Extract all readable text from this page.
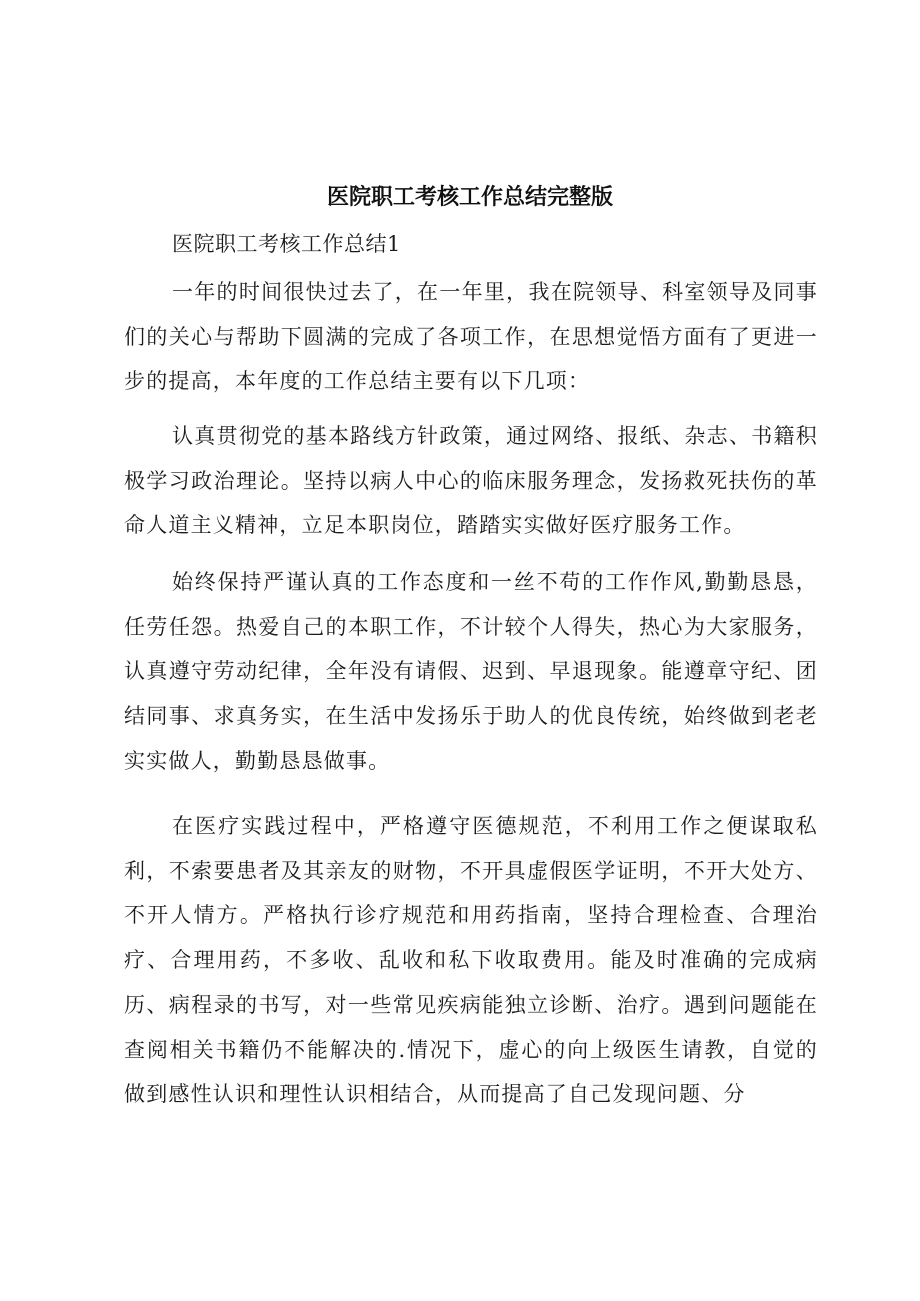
医院职工考核工作总结完整版

医院职工考核工作总结1

一年的时间很快过去了，在一年里，我在院领导、科室领导及同事们的关心与帮助下圆满的完成了各项工作，在思想觉悟方面有了更进一步的提高，本年度的工作总结主要有以下几项：

认真贯彻党的基本路线方针政策，通过网络、报纸、杂志、书籍积极学习政治理论。坚持以病人中心的临床服务理念，发扬救死扶伤的革命人道主义精神，立足本职岗位，踏踏实实做好医疗服务工作。

始终保持严谨认真的工作态度和一丝不苟的工作作风,勤勤恳恳，任劳任怨。热爱自己的本职工作，不计较个人得失，热心为大家服务，认真遵守劳动纪律，全年没有请假、迟到、早退现象。能遵章守纪、团结同事、求真务实，在生活中发扬乐于助人的优良传统，始终做到老老实实做人，勤勤恳恳做事。

在医疗实践过程中，严格遵守医德规范，不利用工作之便谋取私利，不索要患者及其亲友的财物，不开具虚假医学证明，不开大处方、不开人情方。严格执行诊疗规范和用药指南，坚持合理检查、合理治疗、合理用药，不多收、乱收和私下收取费用。能及时准确的完成病历、病程录的书写，对一些常见疾病能独立诊断、治疗。遇到问题能在查阅相关书籍仍不能解决的.情况下，虚心的向上级医生请教，自觉的做到感性认识和理性认识相结合，从而提高了自己发现问题、分
